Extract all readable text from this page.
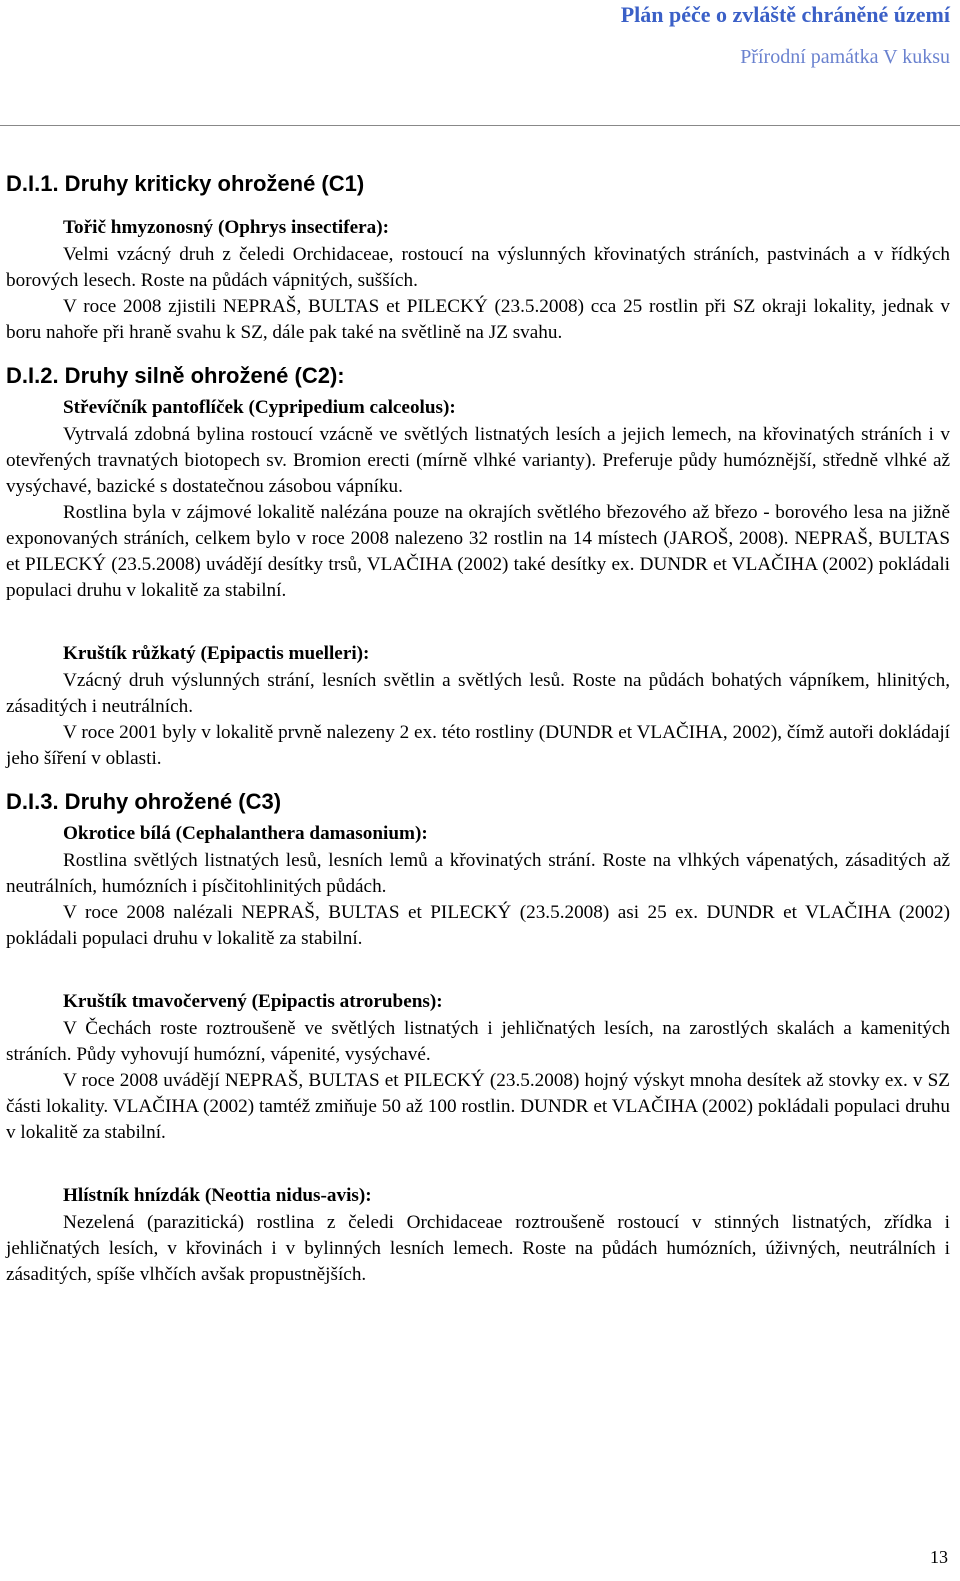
Plán péče o zvláště chráněné území
Přírodní památka V kuksu
D.I.1. Druhy kriticky ohrožené (C1)
Tořič hmyzonosný (Ophrys insectifera):

Velmi vzácný druh z čeledi Orchidaceae, rostoucí na výslunných křovinatých stráních, pastvinách a v řídkých borových lesech. Roste na půdách vápnitých, sušších.

V roce 2008 zjistili NEPRAŠ, BULTAS et PILECKÝ (23.5.2008) cca 25 rostlin při SZ okraji lokality, jednak v boru nahoře při hraně svahu k SZ, dále pak také na světlině na JZ svahu.

D.I.2. Druhy silně ohrožené (C2):
Střevíčník pantoflíček (Cypripedium calceolus):

Vytrvalá zdobná bylina rostoucí vzácně ve světlých listnatých lesích a jejich lemech, na křovinatých stráních i v otevřených travnatých biotopech sv. Bromion erecti (mírně vlhké varianty). Preferuje půdy humóznější, středně vlhké až vysýchavé, bazické s dostatečnou zásobou vápníku.

Rostlina byla v zájmové lokalitě nalézána pouze na okrajích světlého březového až březo - borového lesa na jižně exponovaných stráních, celkem bylo v roce 2008 nalezeno 32 rostlin na 14 místech (JAROŠ, 2008). NEPRAŠ, BULTAS et PILECKÝ (23.5.2008) uvádějí desítky trsů, VLAČIHA (2002) také desítky ex. DUNDR et VLAČIHA (2002) pokládali populaci druhu v lokalitě za stabilní.

Kruštík růžkatý (Epipactis muelleri):

Vzácný druh výslunných strání, lesních světlin a světlých lesů. Roste na půdách bohatých vápníkem, hlinitých, zásaditých i neutrálních.

V roce 2001 byly v lokalitě prvně nalezeny 2 ex. této rostliny (DUNDR et VLAČIHA, 2002), čímž autoři dokládají jeho šíření v oblasti.

D.I.3. Druhy ohrožené (C3)
Okrotice bílá (Cephalanthera damasonium):

Rostlina světlých listnatých lesů, lesních lemů a křovinatých strání. Roste na vlhkých vápenatých, zásaditých až neutrálních, humózních i písčitohlinitých půdách.

V roce 2008 nalézali NEPRAŠ, BULTAS et PILECKÝ (23.5.2008) asi 25 ex. DUNDR et VLAČIHA (2002) pokládali populaci druhu v lokalitě za stabilní.

Kruštík tmavočervený (Epipactis atrorubens):

V Čechách roste roztroušeně ve světlých listnatých i jehličnatých lesích, na zarostlých skalách a kamenitých stráních. Půdy vyhovují humózní, vápenité, vysýchavé.

V roce 2008 uvádějí NEPRAŠ, BULTAS et PILECKÝ (23.5.2008) hojný výskyt mnoha desítek až stovky ex. v SZ části lokality. VLAČIHA (2002) tamtéž zmiňuje 50 až 100 rostlin. DUNDR et VLAČIHA (2002) pokládali populaci druhu v lokalitě za stabilní.

Hlístník hnízdák (Neottia nidus-avis):

Nezelená (parazitická) rostlina z čeledi Orchidaceae roztroušeně rostoucí v stinných listnatých, zřídka i jehličnatých lesích, v křovinách i v bylinných lesních lemech. Roste na půdách humózních, úživných, neutrálních i zásaditých, spíše vlhčích avšak propustnějších.

13
